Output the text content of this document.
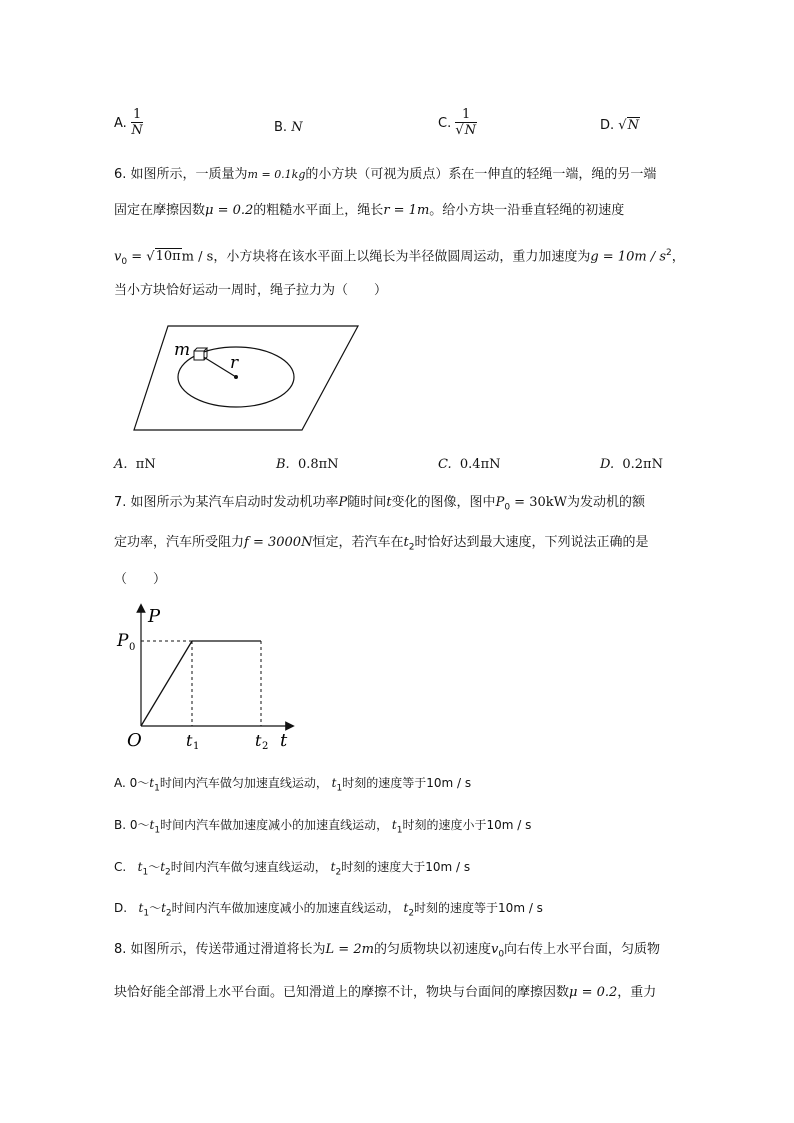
A. $\frac{1}{N}$	B. N	C. $\frac{1}{√N}$	D. √N
6. 如图所示，一质量为m = 0.1kg的小方块（可视为质点）系在一伸直的轻绳一端，绳的另一端
固定在摩擦因数μ = 0.2的粗糙水平面上，绳长r = 1m。给小方块一沿垂直轻绳的初速度
$v_0 = √10\pi m / s$，小方块将在该水平面上以绳长为半径做圆周运动，重力加速度为$g = 10m / s^2$，
当小方块恰好运动一周时，绳子拉力为（　　）
m
r
A. πN	B. 0.8πN	C. 0.4πN	D. 0.2πN
7. 如图所示为某汽车启动时发动机功率P随时间t变化的图像，图中$P_0 = 30kW$为发动机的额
定功率，汽车所受阻力f = 3000N恒定，若汽车在$t_2$时恰好达到最大速度，下列说法正确的是
（　　）
P
P 0
O	t 1	t 2 t
A. $0\sim t_1$时间内汽车做匀加速直线运动， $t_1$时刻的速度等于10m / s
B. $0\sim t_1$时间内汽车做加速度减小的加速直线运动， $t_1$时刻的速度小于10m / s
C.   $t_1\sim t_2$时间内汽车做匀速直线运动， $t_2$时刻的速度大于10m / s
D.   $t_1\sim t_2$时间内汽车做加速度减小的加速直线运动， $t_2$时刻的速度等于10m / s
8. 如图所示，传送带通过滑道将长为L = 2m的匀质物块以初速度$v_0$向右传上水平台面，匀质物
块恰好能全部滑上水平台面。已知滑道上的摩擦不计，物块与台面间的摩擦因数μ = 0.2，重力
